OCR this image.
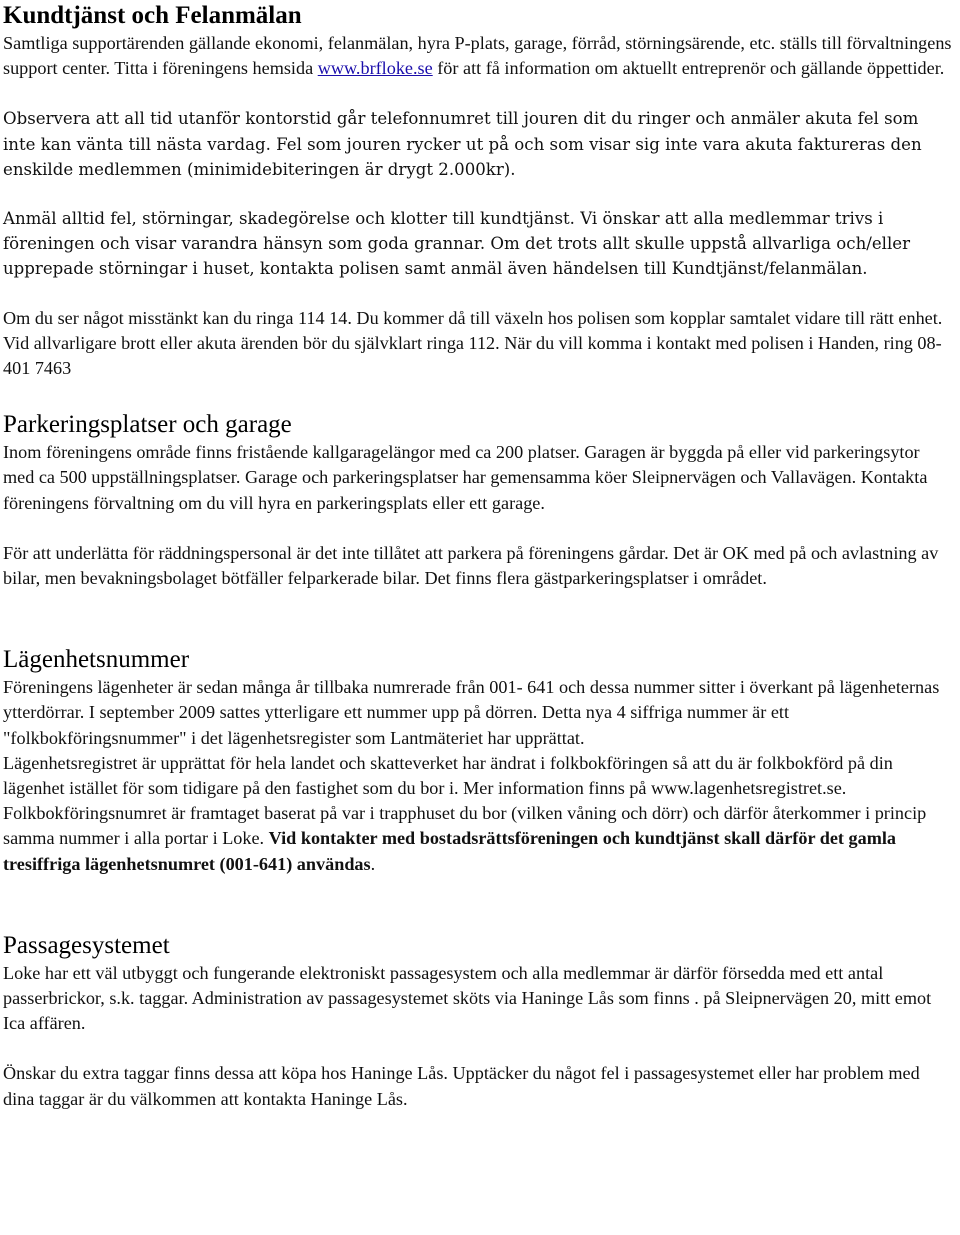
Kundtjänst och Felanmälan

Samtliga supportärenden gällande ekonomi, felanmälan, hyra P-plats, garage, förråd, störningsärende, etc. ställs till förvaltningens support center. Titta i föreningens hemsida www.brfloke.se för att få information om aktuellt entreprenör och gällande öppettider.

Observera att all tid utanför kontorstid går telefonnumret till jouren dit du ringer och anmäler akuta fel som inte kan vänta till nästa vardag. Fel som jouren rycker ut på och som visar sig inte vara akuta faktureras den enskilde medlemmen (minimidebiteringen är drygt 2.000kr).

Anmäl alltid fel, störningar, skadegörelse och klotter till kundtjänst. Vi önskar att alla medlemmar trivs i föreningen och visar varandra hänsyn som goda grannar. Om det trots allt skulle uppstå allvarliga och/eller upprepade störningar i huset, kontakta polisen samt anmäl även händelsen till Kundtjänst/felanmälan.

Om du ser något misstänkt kan du ringa 114 14. Du kommer då till växeln hos polisen som kopplar samtalet vidare till rätt enhet. Vid allvarligare brott eller akuta ärenden bör du självklart ringa 112. När du vill komma i kontakt med polisen i Handen, ring 08-401 7463

Parkeringsplatser och garage

Inom föreningens område finns fristående kallgaragelängor med ca 200 platser. Garagen är byggda på eller vid parkeringsytor med ca 500 uppställningsplatser. Garage och parkeringsplatser har gemensamma köer Sleipnervägen och Vallavägen. Kontakta föreningens förvaltning om du vill hyra en parkeringsplats eller ett garage.

För att underlätta för räddningspersonal är det inte tillåtet att parkera på föreningens gårdar. Det är OK med på och avlastning av bilar, men bevakningsbolaget bötfäller felparkerade bilar. Det finns flera gästparkeringsplatser i området.

Lägenhetsnummer

Föreningens lägenheter är sedan många år tillbaka numrerade från 001- 641 och dessa nummer sitter i överkant på lägenheternas ytterdörrar. I september 2009 sattes ytterligare ett nummer upp på dörren. Detta nya 4 siffriga nummer är ett "folkbokföringsnummer" i det lägenhetsregister som Lantmäteriet har upprättat.

Lägenhetsregistret är upprättat för hela landet och skatteverket har ändrat i folkbokföringen så att du är folkbokförd på din lägenhet istället för som tidigare på den fastighet som du bor i. Mer information finns på www.lagenhetsregistret.se. Folkbokföringsnumret är framtaget baserat på var i trapphuset du bor (vilken våning och dörr) och därför återkommer i princip samma nummer i alla portar i Loke. Vid kontakter med bostadsrättsföreningen och kundtjänst skall därför det gamla tresiffriga lägenhetsnumret (001-641) användas.

Passagesystemet

Loke har ett väl utbyggt och fungerande elektroniskt passagesystem och alla medlemmar är därför försedda med ett antal passerbrickor, s.k. taggar. Administration av passagesystemet sköts via Haninge Lås som finns . på Sleipnervägen 20, mitt emot Ica affären.

Önskar du extra taggar finns dessa att köpa hos Haninge Lås. Upptäcker du något fel i passagesystemet eller har problem med dina taggar är du välkommen att kontakta Haninge Lås.
